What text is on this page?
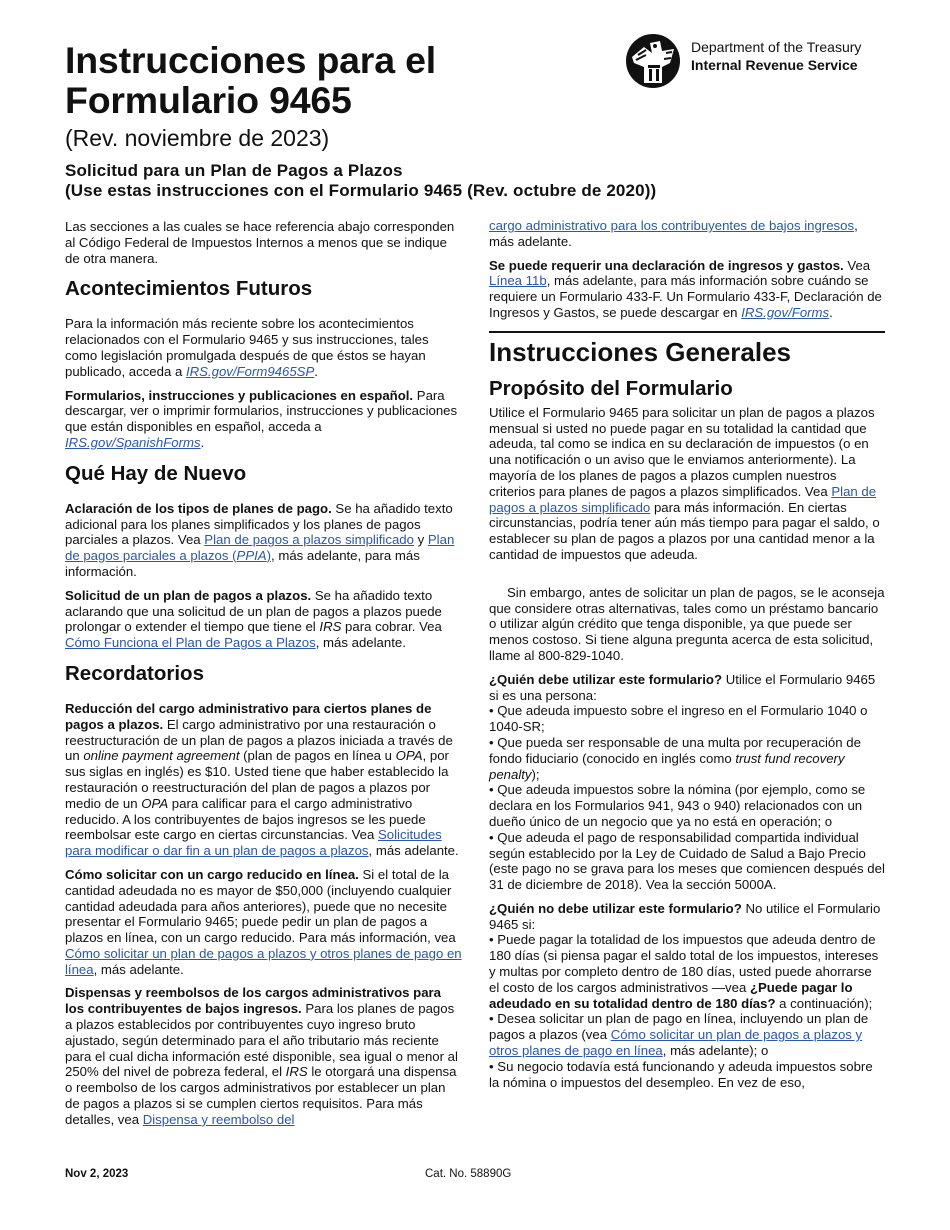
Instrucciones para el
Formulario 9465
(Rev. noviembre de 2023)
Solicitud para un Plan de Pagos a Plazos
(Use estas instrucciones con el Formulario 9465 (Rev. octubre de 2020))
Department of the Treasury
Internal Revenue Service

Las secciones a las cuales se hace referencia abajo corresponden al Código Federal de Impuestos Internos a menos que se indique de otra manera.

Acontecimientos Futuros

Para la información más reciente sobre los acontecimientos relacionados con el Formulario 9465 y sus instrucciones, tales como legislación promulgada después de que éstos se hayan publicado, acceda a IRS.gov/Form9465SP.

Formularios, instrucciones y publicaciones en español. Para descargar, ver o imprimir formularios, instrucciones y publicaciones que están disponibles en español, acceda a IRS.gov/SpanishForms.

Qué Hay de Nuevo

Aclaración de los tipos de planes de pago. Se ha añadido texto adicional para los planes simplificados y los planes de pagos parciales a plazos. Vea Plan de pagos a plazos simplificado y Plan de pagos parciales a plazos (PPIA), más adelante, para más información.

Solicitud de un plan de pagos a plazos. Se ha añadido texto aclarando que una solicitud de un plan de pagos a plazos puede prolongar o extender el tiempo que tiene el IRS para cobrar. Vea Cómo Funciona el Plan de Pagos a Plazos, más adelante.

Recordatorios

Reducción del cargo administrativo para ciertos planes de pagos a plazos. El cargo administrativo por una restauración o reestructuración de un plan de pagos a plazos iniciada a través de un online payment agreement (plan de pagos en línea u OPA, por sus siglas en inglés) es $10. Usted tiene que haber establecido la restauración o reestructuración del plan de pagos a plazos por medio de un OPA para calificar para el cargo administrativo reducido. A los contribuyentes de bajos ingresos se les puede reembolsar este cargo en ciertas circunstancias. Vea Solicitudes para modificar o dar fin a un plan de pagos a plazos, más adelante.

Cómo solicitar con un cargo reducido en línea. Si el total de la cantidad adeudada no es mayor de $50,000 (incluyendo cualquier cantidad adeudada para años anteriores), puede que no necesite presentar el Formulario 9465; puede pedir un plan de pagos a plazos en línea, con un cargo reducido. Para más información, vea Cómo solicitar un plan de pagos a plazos y otros planes de pago en línea, más adelante.

Dispensas y reembolsos de los cargos administrativos para los contribuyentes de bajos ingresos. Para los planes de pagos a plazos establecidos por contribuyentes cuyo ingreso bruto ajustado, según determinado para el año tributario más reciente para el cual dicha información esté disponible, sea igual o menor al 250% del nivel de pobreza federal, el IRS le otorgará una dispensa o reembolso de los cargos administrativos por establecer un plan de pagos a plazos si se cumplen ciertos requisitos. Para más detalles, vea Dispensa y reembolso del

cargo administrativo para los contribuyentes de bajos ingresos, más adelante.

Se puede requerir una declaración de ingresos y gastos. Vea Línea 11b, más adelante, para más información sobre cuándo se requiere un Formulario 433-F. Un Formulario 433-F, Declaración de Ingresos y Gastos, se puede descargar en IRS.gov/Forms.

Instrucciones Generales
Propósito del Formulario

Utilice el Formulario 9465 para solicitar un plan de pagos a plazos mensual si usted no puede pagar en su totalidad la cantidad que adeuda, tal como se indica en su declaración de impuestos (o en una notificación o un aviso que le enviamos anteriormente). La mayoría de los planes de pagos a plazos cumplen nuestros criterios para planes de pagos a plazos simplificados. Vea Plan de pagos a plazos simplificado para más información. En ciertas circunstancias, podría tener aún más tiempo para pagar el saldo, o establecer su plan de pagos a plazos por una cantidad menor a la cantidad de impuestos que adeuda.

Sin embargo, antes de solicitar un plan de pagos, se le aconseja que considere otras alternativas, tales como un préstamo bancario o utilizar algún crédito que tenga disponible, ya que puede ser menos costoso. Si tiene alguna pregunta acerca de esta solicitud, llame al 800-829-1040.

¿Quién debe utilizar este formulario? Utilice el Formulario 9465 si es una persona:

• Que adeuda impuesto sobre el ingreso en el Formulario 1040 o 1040-SR;
• Que pueda ser responsable de una multa por recuperación de fondo fiduciario (conocido en inglés como trust fund recovery penalty);
• Que adeuda impuestos sobre la nómina (por ejemplo, como se declara en los Formularios 941, 943 o 940) relacionados con un dueño único de un negocio que ya no está en operación; o
• Que adeuda el pago de responsabilidad compartida individual según establecido por la Ley de Cuidado de Salud a Bajo Precio (este pago no se grava para los meses que comiencen después del 31 de diciembre de 2018). Vea la sección 5000A.

¿Quién no debe utilizar este formulario? No utilice el Formulario 9465 si:

• Puede pagar la totalidad de los impuestos que adeuda dentro de 180 días (si piensa pagar el saldo total de los impuestos, intereses y multas por completo dentro de 180 días, usted puede ahorrarse el costo de los cargos administrativos —vea ¿Puede pagar lo adeudado en su totalidad dentro de 180 días? a continuación);
• Desea solicitar un plan de pago en línea, incluyendo un plan de pagos a plazos (vea Cómo solicitar un plan de pagos a plazos y otros planes de pago en línea, más adelante); o
• Su negocio todavía está funcionando y adeuda impuestos sobre la nómina o impuestos del desempleo. En vez de eso,
Nov 2, 2023	Cat. No. 58890G
